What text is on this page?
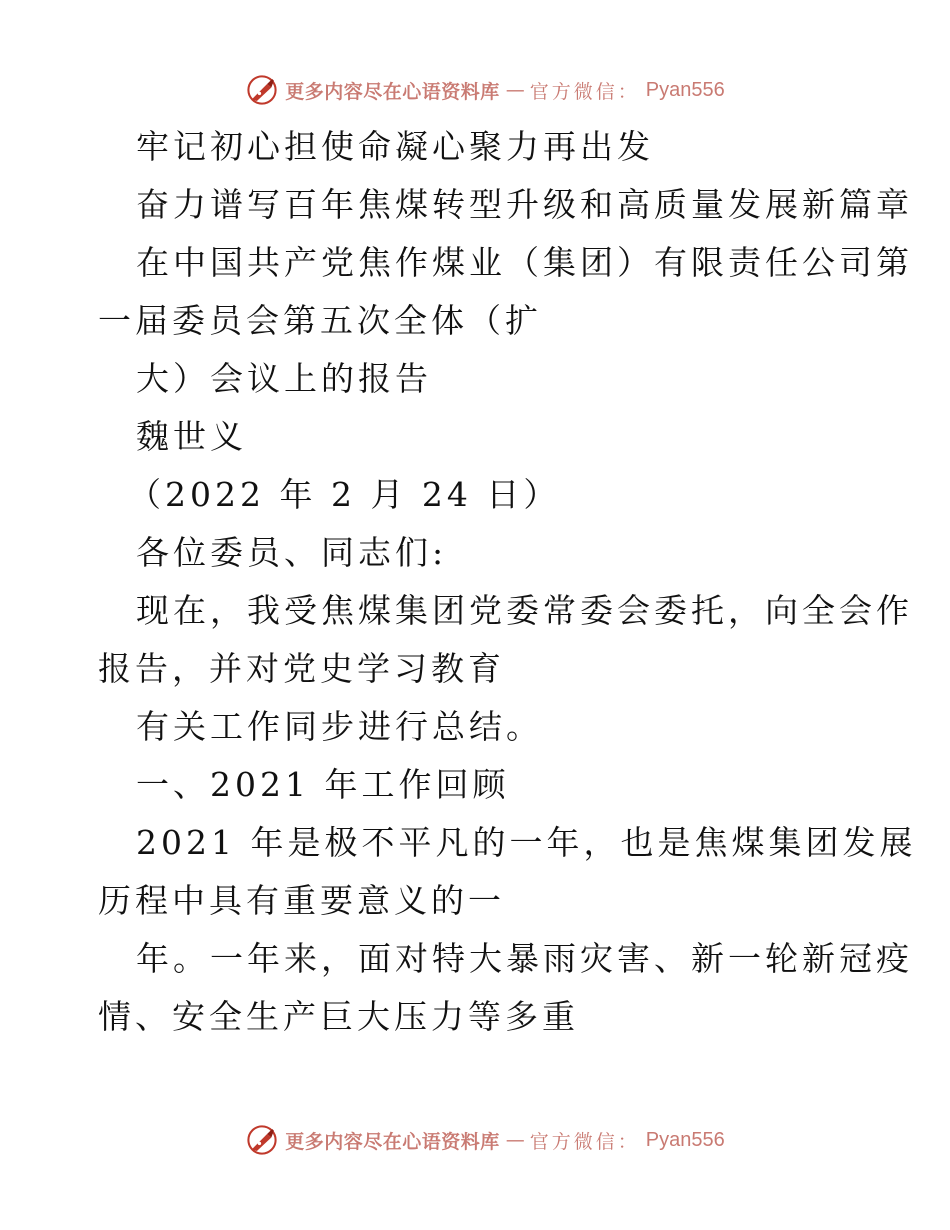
更多内容尽在心语资料库 — 官方微信： Pyan556
牢记初心担使命凝心聚力再出发
奋力谱写百年焦煤转型升级和高质量发展新篇章
在中国共产党焦作煤业（集团）有限责任公司第
一届委员会第五次全体（扩
大）会议上的报告
魏世义
（2022 年 2 月 24 日）
各位委员、同志们:
现在，我受焦煤集团党委常委会委托，向全会作
报告，并对党史学习教育
有关工作同步进行总结。
一、2021 年工作回顾
2021 年是极不平凡的一年，也是焦煤集团发展
历程中具有重要意义的一
年。一年来，面对特大暴雨灾害、新一轮新冠疫
情、安全生产巨大压力等多重
更多内容尽在心语资料库 — 官方微信： Pyan556
